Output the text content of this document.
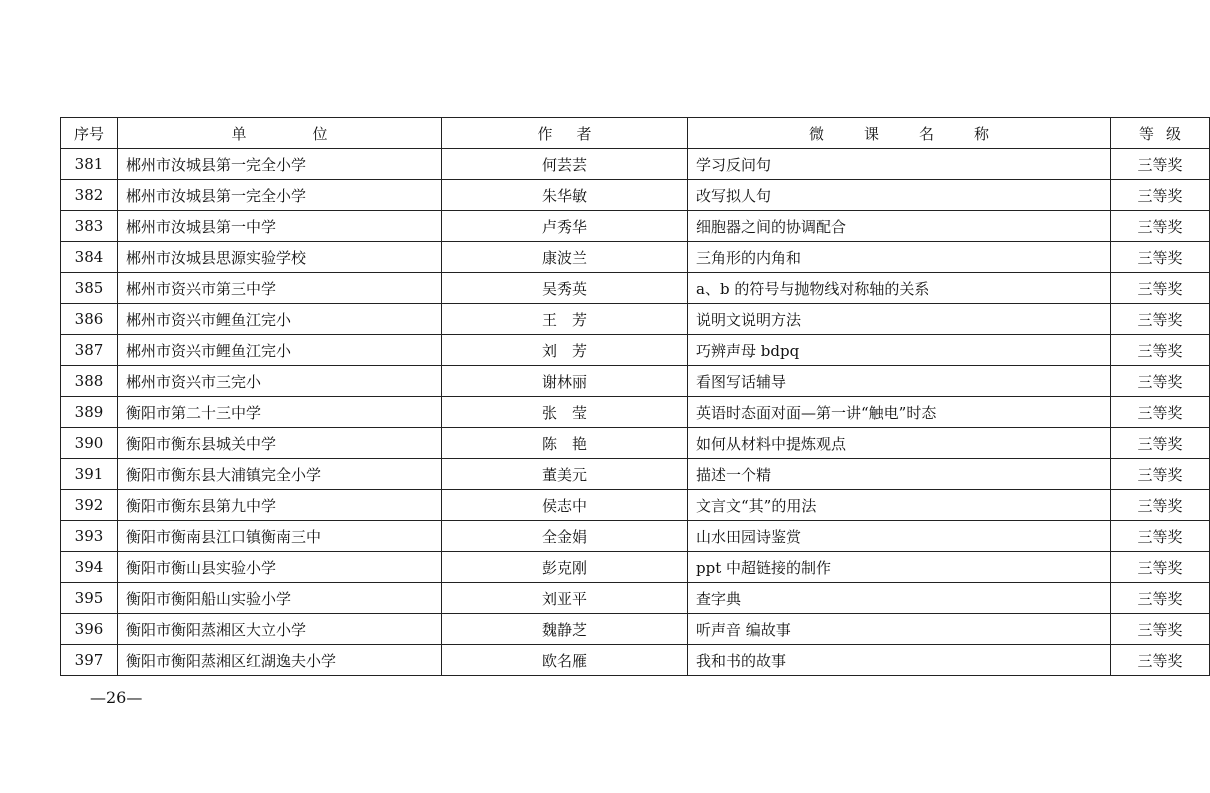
序号	单位	作者	微课名称	等级
381	郴州市汝城县第一完全小学	何芸芸	学习反问句	三等奖
382	郴州市汝城县第一完全小学	朱华敏	改写拟人句	三等奖
383	郴州市汝城县第一中学	卢秀华	细胞器之间的协调配合	三等奖
384	郴州市汝城县思源实验学校	康波兰	三角形的内角和	三等奖
385	郴州市资兴市第三中学	吴秀英	a、b 的符号与抛物线对称轴的关系	三等奖
386	郴州市资兴市鲤鱼江完小	王　芳	说明文说明方法	三等奖
387	郴州市资兴市鲤鱼江完小	刘　芳	巧辨声母 bdpq	三等奖
388	郴州市资兴市三完小	谢林丽	看图写话辅导	三等奖
389	衡阳市第二十三中学	张　莹	英语时态面对面—第一讲“触电”时态	三等奖
390	衡阳市衡东县城关中学	陈　艳	如何从材料中提炼观点	三等奖
391	衡阳市衡东县大浦镇完全小学	董美元	描述一个精	三等奖
392	衡阳市衡东县第九中学	侯志中	文言文“其”的用法	三等奖
393	衡阳市衡南县江口镇衡南三中	全金娟	山水田园诗鉴赏	三等奖
394	衡阳市衡山县实验小学	彭克刚	ppt 中超链接的制作	三等奖
395	衡阳市衡阳船山实验小学	刘亚平	查字典	三等奖
396	衡阳市衡阳蒸湘区大立小学	魏静芝	听声音 编故事	三等奖
397	衡阳市衡阳蒸湘区红湖逸夫小学	欧名雁	我和书的故事	三等奖
—26—
